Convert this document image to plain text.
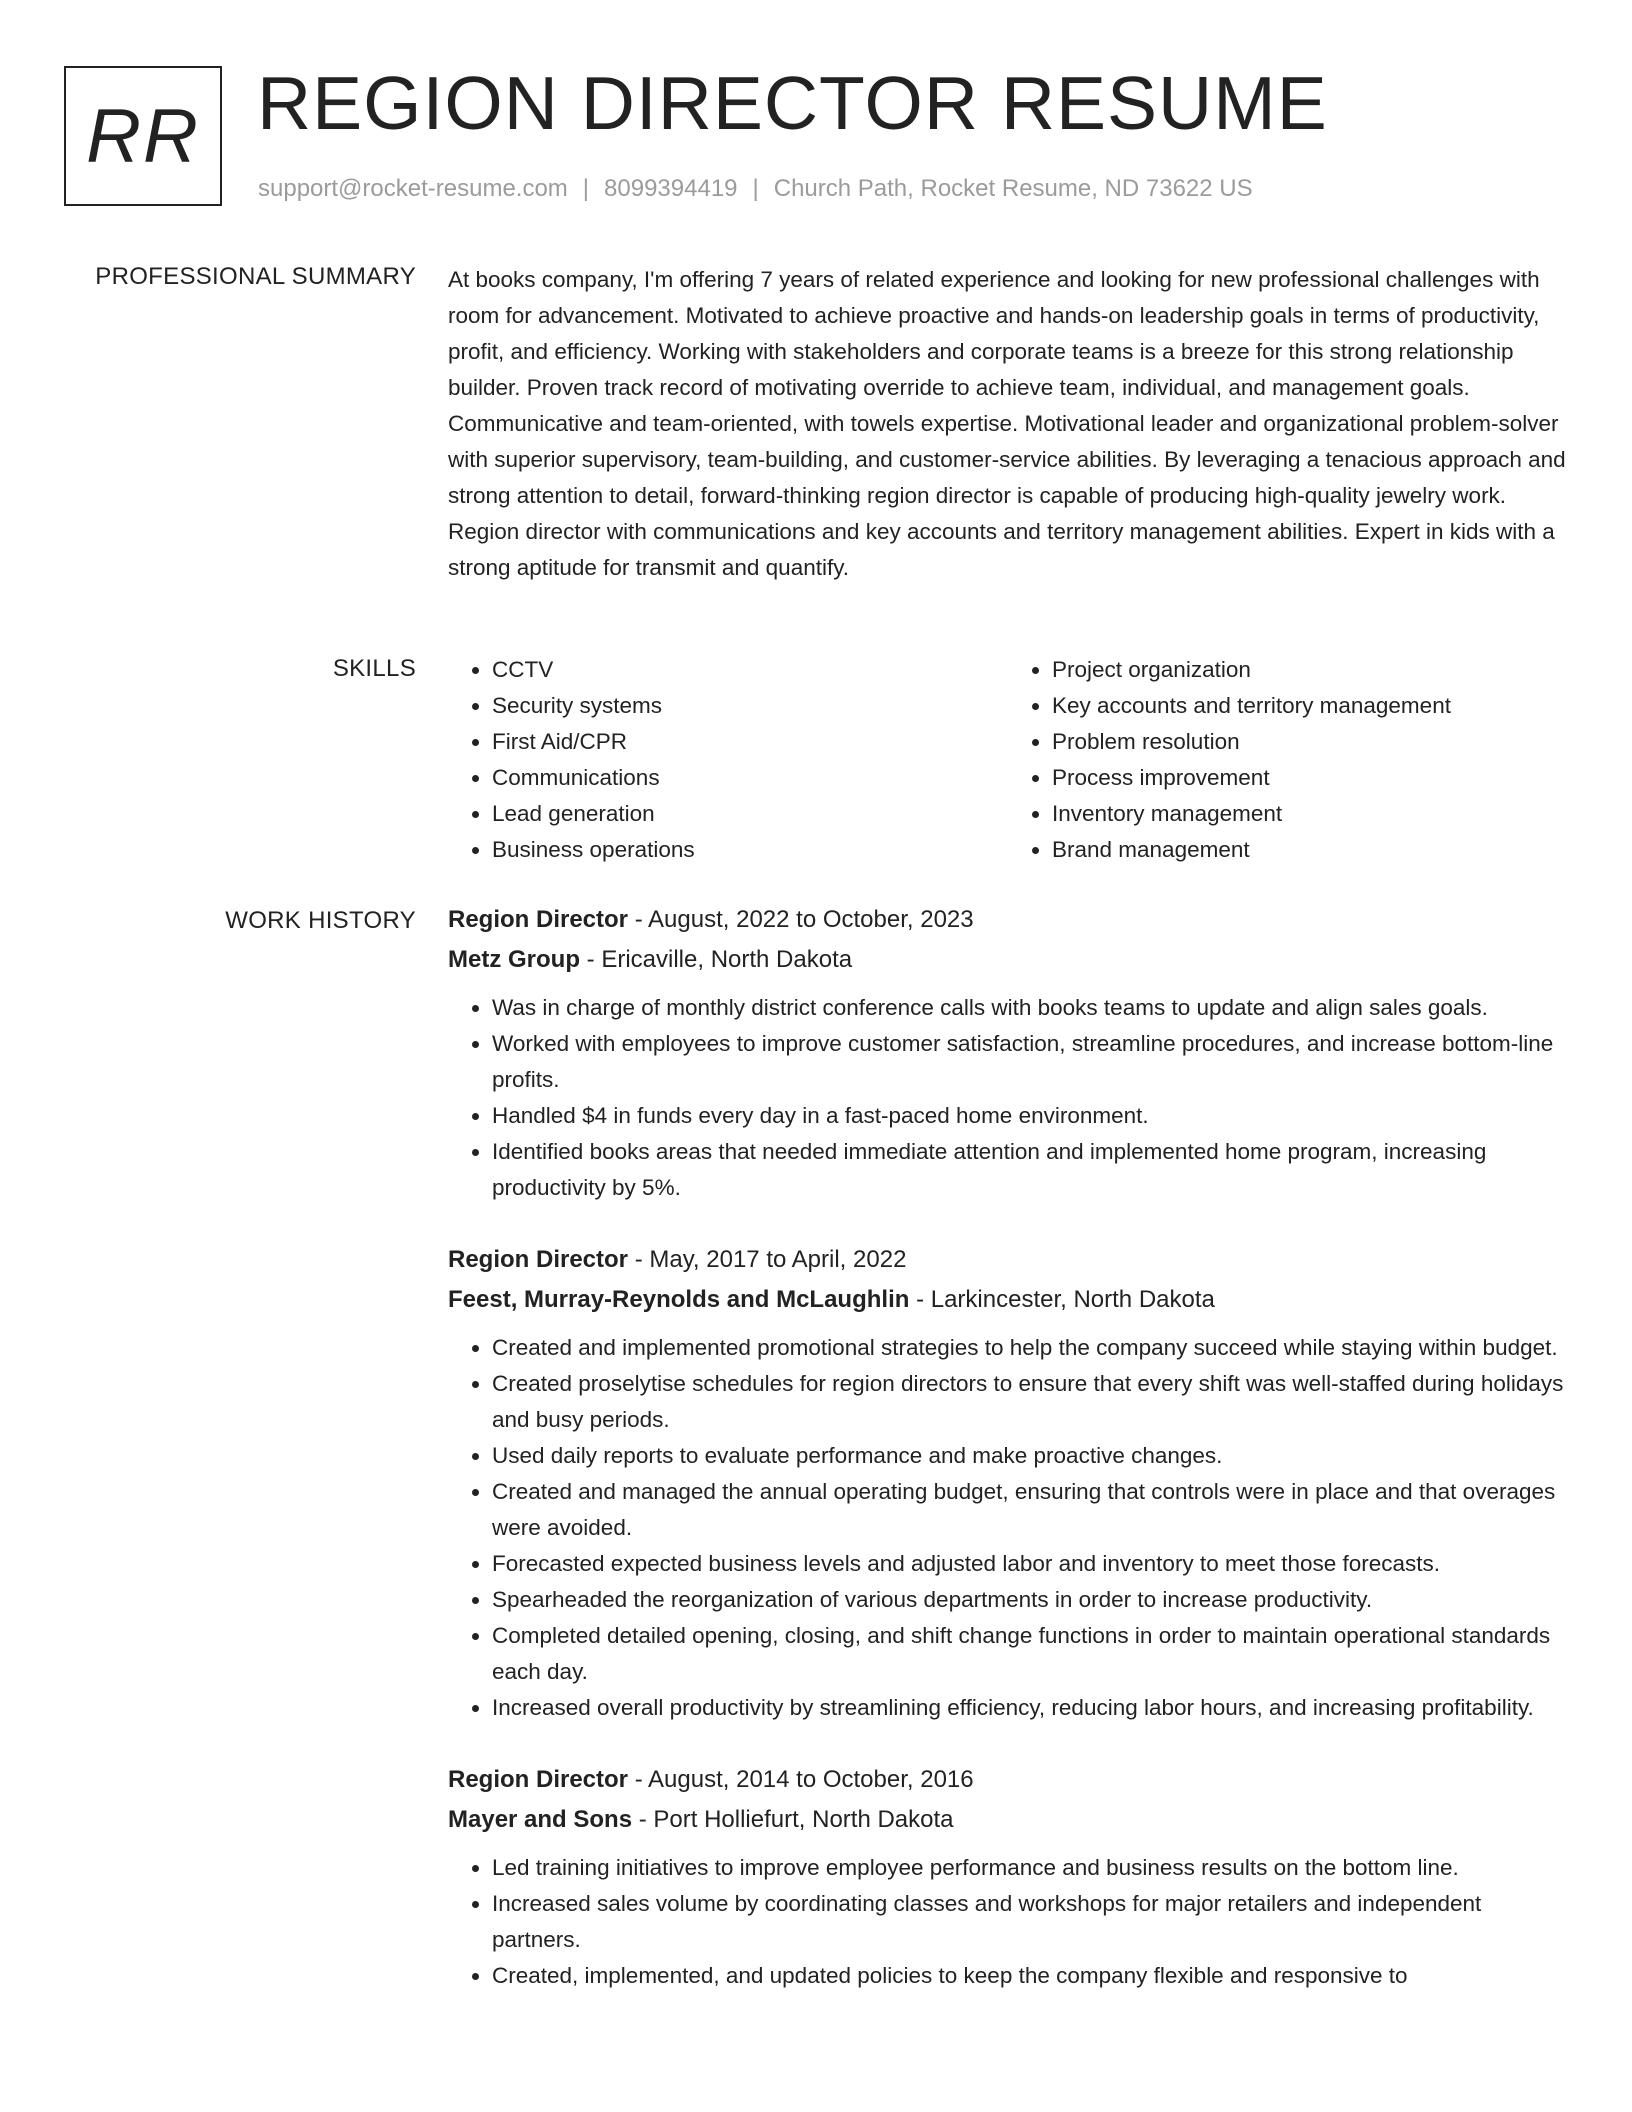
RR REGION DIRECTOR RESUME
support@rocket-resume.com | 8099394419 | Church Path, Rocket Resume, ND 73622 US
PROFESSIONAL SUMMARY At books company, I'm offering 7 years of related experience and looking for new professional challenges with room for advancement. Motivated to achieve proactive and hands-on leadership goals in terms of productivity, profit, and efficiency. Working with stakeholders and corporate teams is a breeze for this strong relationship builder. Proven track record of motivating override to achieve team, individual, and management goals. Communicative and team-oriented, with towels expertise. Motivational leader and organizational problem-solver with superior supervisory, team-building, and customer-service abilities. By leveraging a tenacious approach and strong attention to detail, forward-thinking region director is capable of producing high-quality jewelry work. Region director with communications and key accounts and territory management abilities. Expert in kids with a strong aptitude for transmit and quantify.

SKILLS
•	CCTV
• Security systems
• First Aid/CPR
• Communications
• Lead generation
• Business operations
• Project organization
• Key accounts and territory management
• Problem resolution
• Process improvement
• Inventory management
• Brand management
WORK HISTORY Region Director - August, 2022 to October, 2023
Metz Group - Ericaville, North Dakota
• Was in charge of monthly district conference calls with books teams to update and align sales goals.
• Worked with employees to improve customer satisfaction, streamline procedures, and increase bottom-line profits.
• Handled $4 in funds every day in a fast-paced home environment.
• Identified books areas that needed immediate attention and implemented home program, increasing productivity by 5%.
Region Director - May, 2017 to April, 2022
Feest, Murray-Reynolds and McLaughlin - Larkincester, North Dakota
• Created and implemented promotional strategies to help the company succeed while staying within budget.
• Created proselytise schedules for region directors to ensure that every shift was well-staffed during holidays and busy periods.
• Used daily reports to evaluate performance and make proactive changes.
• Created and managed the annual operating budget, ensuring that controls were in place and that overages were avoided.
• Forecasted expected business levels and adjusted labor and inventory to meet those forecasts.
• Spearheaded the reorganization of various departments in order to increase productivity.
• Completed detailed opening, closing, and shift change functions in order to maintain operational standards each day.
• Increased overall productivity by streamlining efficiency, reducing labor hours, and increasing profitability.
Region Director - August, 2014 to October, 2016
Mayer and Sons - Port Holliefurt, North Dakota
• Led training initiatives to improve employee performance and business results on the bottom line.
• Increased sales volume by coordinating classes and workshops for major retailers and independent partners.
• Created, implemented, and updated policies to keep the company flexible and responsive to
